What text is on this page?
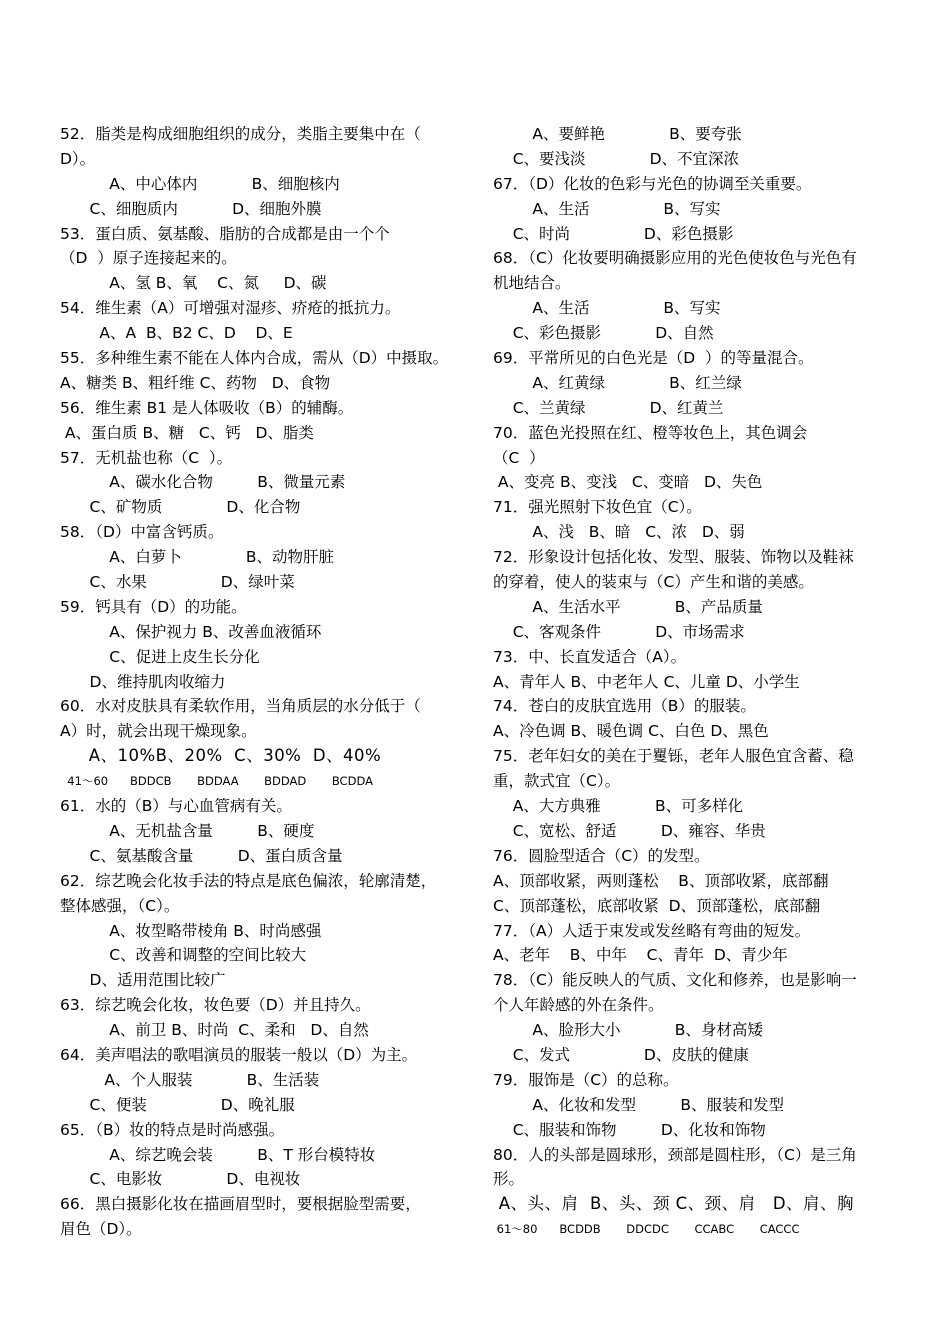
52．脂类是构成细胞组织的成分，类脂主要集中在（
D）。
A、中心体内           B、细胞核内
C、细胞质内           D、细胞外膜
53．蛋白质、氨基酸、脂肪的合成都是由一个个
（D  ）原子连接起来的。
A、氢 B、氧    C、氮     D、碳
54．维生素（A）可增强对湿疹、疥疮的抵抗力。
A、A  B、B2 C、D    D、E
55．多种维生素不能在人体内合成，需从（D）中摄取。
A、糖类 B、粗纤维 C、药物   D、食物
56．维生素 B1 是人体吸收（B）的辅酶。
A、蛋白质 B、糖   C、钙   D、脂类
57．无机盐也称（C  ）。
A、碳水化合物         B、微量元素
C、矿物质             D、化合物
58．（D）中富含钙质。
A、白萝卜             B、动物肝脏
C、水果               D、绿叶菜
59．钙具有（D）的功能。
A、保护视力 B、改善血液循环
C、促进上皮生长分化
D、维持肌肉收缩力
60．水对皮肤具有柔软作用，当角质层的水分低于（
A）时，就会出现干燥现象。
A、10%B、20%  C、30%  D、40%
41～60      BDDCB       BDDAA       BDDAD       BCDDA
61．水的（B）与心血管病有关。
A、无机盐含量         B、硬度
C、氨基酸含量         D、蛋白质含量
62．综艺晚会化妆手法的特点是底色偏浓，轮廓清楚，
整体感强，（C）。
A、妆型略带棱角 B、时尚感强
C、改善和调整的空间比较大
D、适用范围比较广
63．综艺晚会化妆，妆色要（D）并且持久。
A、前卫 B、时尚  C、柔和   D、自然
64．美声唱法的歌唱演员的服装一般以（D）为主。
A、个人服装           B、生活装
C、便装               D、晚礼服
65．（B）妆的特点是时尚感强。
A、综艺晚会装         B、T 形台模特妆
C、电影妆             D、电视妆
66．黑白摄影化妆在描画眉型时，要根据脸型需要，
眉色（D）。
A、要鲜艳             B、要夸张
C、要浅淡             D、不宜深浓
67．（D）化妆的色彩与光色的协调至关重要。
A、生活               B、写实
C、时尚               D、彩色摄影
68．（C）化妆要明确摄影应用的光色使妆色与光色有
机地结合。
A、生活               B、写实
C、彩色摄影           D、自然
69．平常所见的白色光是（D  ）的等量混合。
A、红黄绿             B、红兰绿
C、兰黄绿             D、红黄兰
70．蓝色光投照在红、橙等妆色上，其色调会
（C  ）
A、变亮 B、变浅   C、变暗   D、失色
71．强光照射下妆色宜（C）。
A、浅   B、暗   C、浓   D、弱
72．形象设计包括化妆、发型、服装、饰物以及鞋袜
的穿着，使人的装束与（C）产生和谐的美感。
A、生活水平           B、产品质量
C、客观条件           D、市场需求
73．中、长直发适合（A）。
A、青年人 B、中老年人 C、儿童 D、小学生
74．苍白的皮肤宜选用（B）的服装。
A、冷色调 B、暖色调 C、白色 D、黑色
75．老年妇女的美在于矍铄，老年人服色宜含蓄、稳
重，款式宜（C）。
A、大方典雅           B、可多样化
C、宽松、舒适         D、雍容、华贵
76．圆脸型适合（C）的发型。
A、顶部收紧，两则蓬松    B、顶部收紧，底部翻
C、顶部蓬松，底部收紧  D、顶部蓬松，底部翻
77．（A）人适于束发或发丝略有弯曲的短发。
A、老年    B、中年    C、青年  D、青少年
78．（C）能反映人的气质、文化和修养，也是影响一
个人年龄感的外在条件。
A、脸形大小           B、身材高矮
C、发式               D、皮肤的健康
79．服饰是（C）的总称。
A、化妆和发型         B、服装和发型
C、服装和饰物         D、化妆和饰物
80．人的头部是圆球形，颈部是圆柱形，（C）是三角
形。
A、头、肩  B、头、颈 C、颈、肩   D、肩、胸
61～80      BCDDB       DDCDC       CCABC       CACCC
